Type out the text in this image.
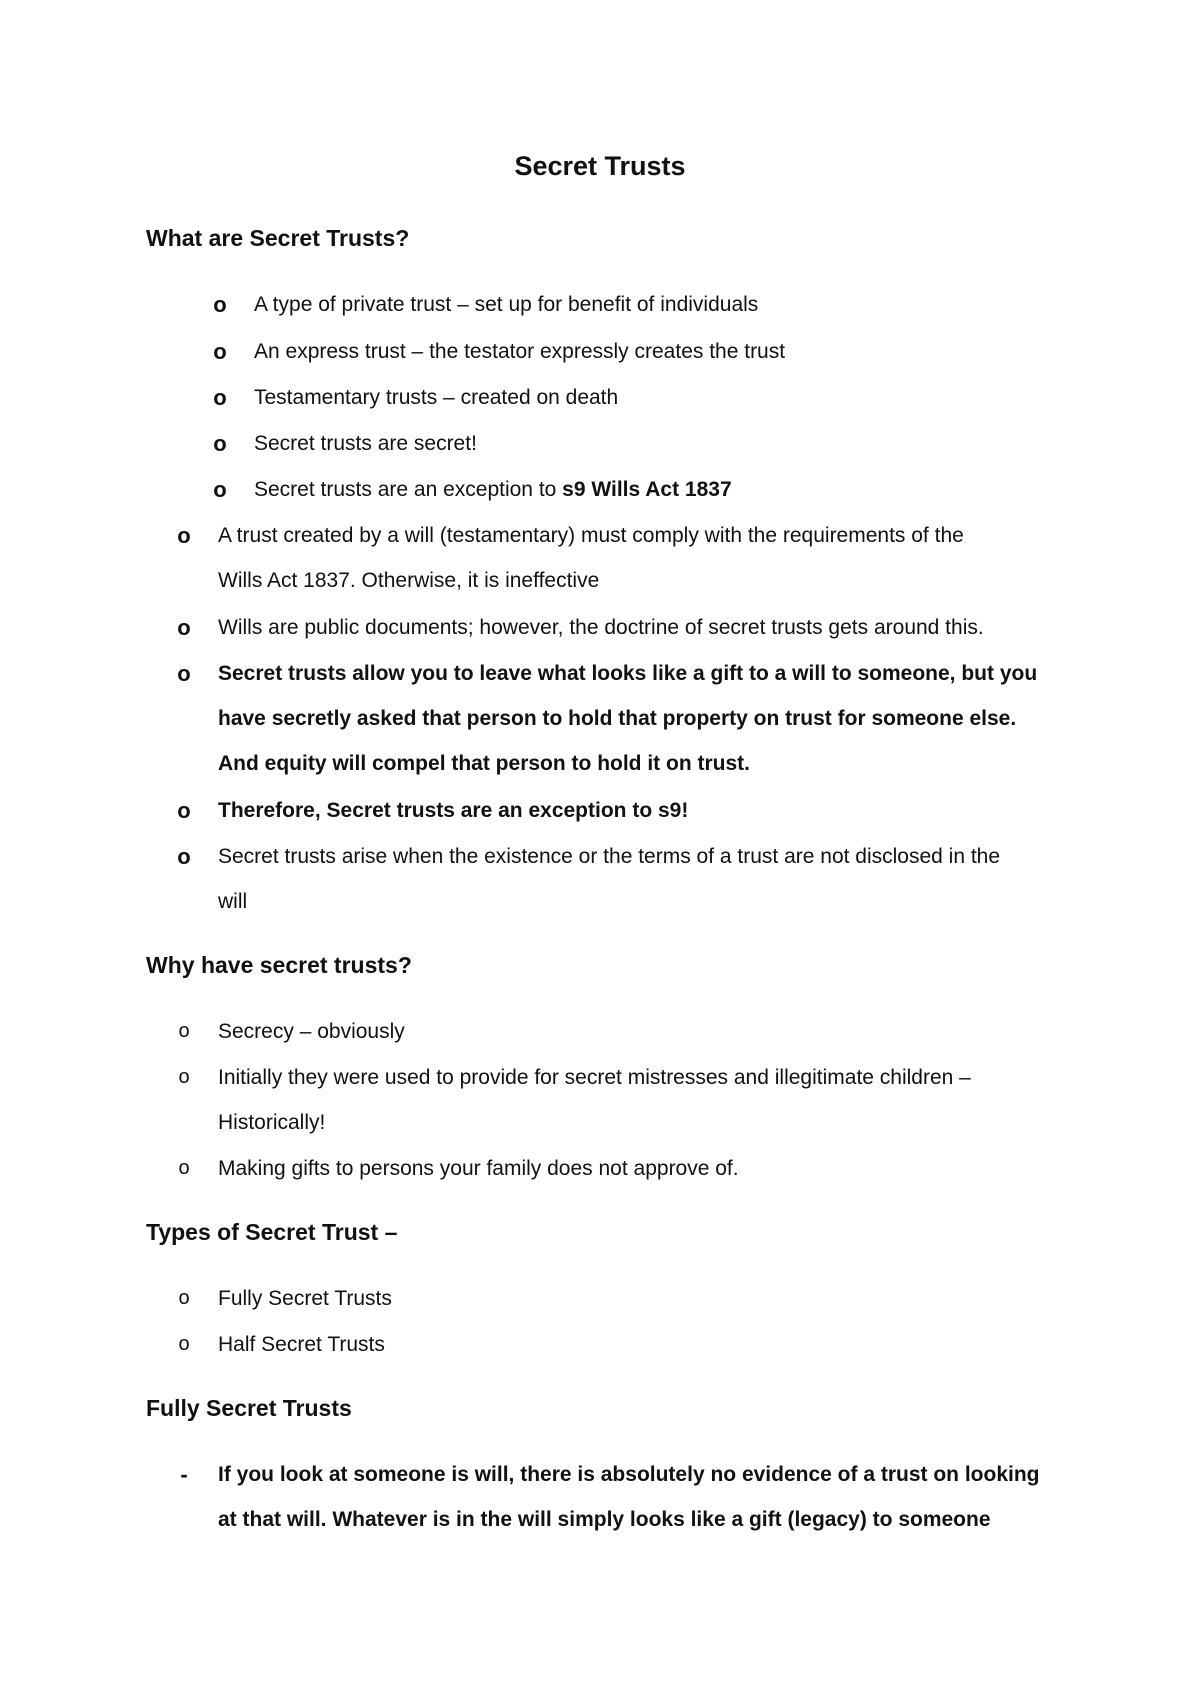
Secret Trusts
What are Secret Trusts?
o	A type of private trust – set up for benefit of individuals
o	An express trust – the testator expressly creates the trust
o	Testamentary trusts – created on death
o	Secret trusts are secret!
o	Secret trusts are an exception to s9 Wills Act 1837
o	A trust created by a will (testamentary) must comply with the requirements of the
Wills Act 1837. Otherwise, it is ineffective
o	Wills are public documents; however, the doctrine of secret trusts gets around this.
o	Secret trusts allow you to leave what looks like a gift to a will to someone, but you
have secretly asked that person to hold that property on trust for someone else.
And equity will compel that person to hold it on trust.
o	Therefore, Secret trusts are an exception to s9!
o	Secret trusts arise when the existence or the terms of a trust are not disclosed in the
will
Why have secret trusts?
o	Secrecy – obviously
o	Initially they were used to provide for secret mistresses and illegitimate children –
Historically!
o	Making gifts to persons your family does not approve of.
Types of Secret Trust –
o	Fully Secret Trusts
o	Half Secret Trusts
Fully Secret Trusts
-	If you look at someone is will, there is absolutely no evidence of a trust on looking
at that will. Whatever is in the will simply looks like a gift (legacy) to someone
